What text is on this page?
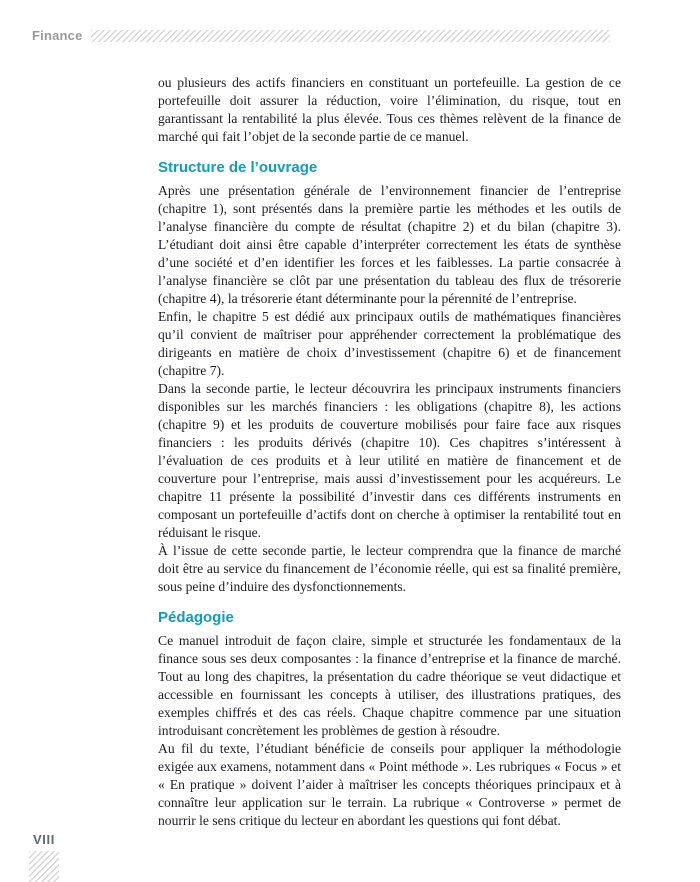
Finance

ou plusieurs des actifs financiers en constituant un portefeuille. La gestion de ce portefeuille doit assurer la réduction, voire l’élimination, du risque, tout en garantissant la rentabilité la plus élevée. Tous ces thèmes relèvent de la finance de marché qui fait l’objet de la seconde partie de ce manuel.

Structure de l’ouvrage

Après une présentation générale de l’environnement financier de l’entreprise (chapitre 1), sont présentés dans la première partie les méthodes et les outils de l’analyse financière du compte de résultat (chapitre 2) et du bilan (chapitre 3). L’étudiant doit ainsi être capable d’interpréter correctement les états de synthèse d’une société et d’en identifier les forces et les faiblesses. La partie consacrée à l’analyse financière se clôt par une présentation du tableau des flux de trésorerie (chapitre 4), la trésorerie étant déterminante pour la pérennité de l’entreprise.

Enfin, le chapitre 5 est dédié aux principaux outils de mathématiques financières qu’il convient de maîtriser pour appréhender correctement la problématique des dirigeants en matière de choix d’investissement (chapitre 6) et de financement (chapitre 7).

Dans la seconde partie, le lecteur découvrira les principaux instruments financiers disponibles sur les marchés financiers : les obligations (chapitre 8), les actions (chapitre 9) et les produits de couverture mobilisés pour faire face aux risques financiers : les produits dérivés (chapitre 10). Ces chapitres s’intéressent à l’évaluation de ces produits et à leur utilité en matière de financement et de couverture pour l’entreprise, mais aussi d’investissement pour les acquéreurs. Le chapitre 11 présente la possibilité d’investir dans ces différents instruments en composant un portefeuille d’actifs dont on cherche à optimiser la rentabilité tout en réduisant le risque.

À l’issue de cette seconde partie, le lecteur comprendra que la finance de marché doit être au service du financement de l’économie réelle, qui est sa finalité première, sous peine d’induire des dysfonctionnements.

Pédagogie

Ce manuel introduit de façon claire, simple et structurée les fondamentaux de la finance sous ses deux composantes : la finance d’entreprise et la finance de marché. Tout au long des chapitres, la présentation du cadre théorique se veut didactique et accessible en fournissant les concepts à utiliser, des illustrations pratiques, des exemples chiffrés et des cas réels. Chaque chapitre commence par une situation introduisant concrètement les problèmes de gestion à résoudre.

Au fil du texte, l’étudiant bénéficie de conseils pour appliquer la méthodologie exigée aux examens, notamment dans « Point méthode ». Les rubriques « Focus » et « En pratique » doivent l’aider à maîtriser les concepts théoriques principaux et à connaître leur application sur le terrain. La rubrique « Controverse » permet de nourrir le sens critique du lecteur en abordant les questions qui font débat.

VIII
